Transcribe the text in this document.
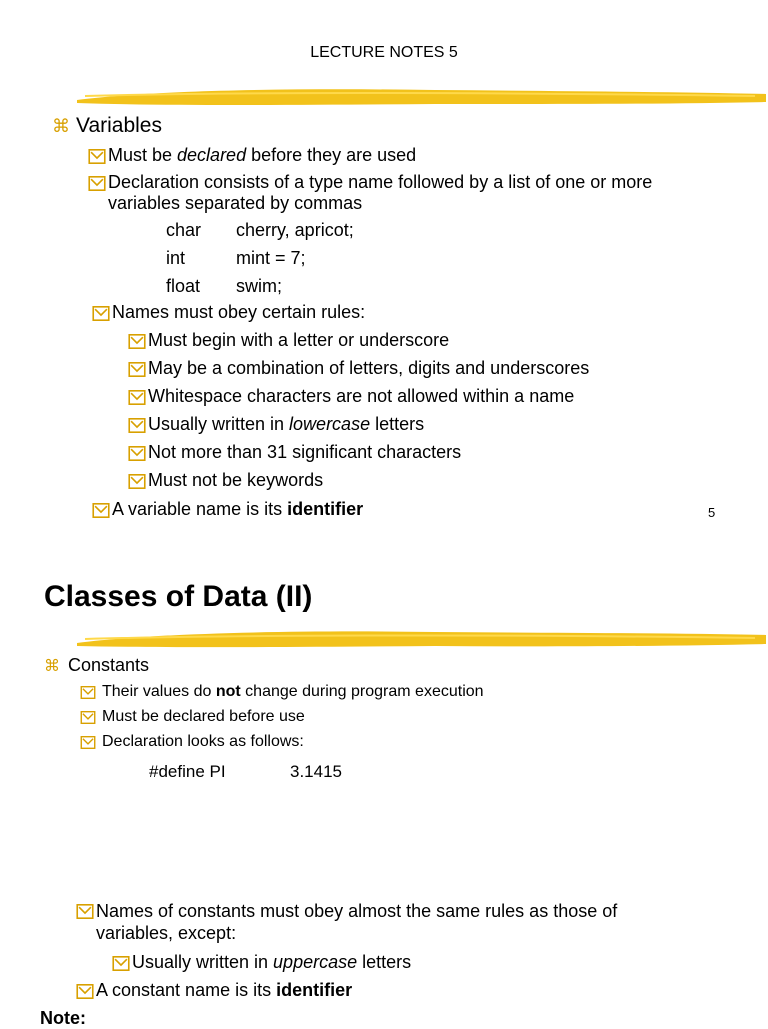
LECTURE NOTES 5
⌘ Variables
Must be declared before they are used
Declaration consists of a type name followed by a list of one or more
variables separated by commas
char cherry, apricot;
int	mint = 7;
float swim;
Names must obey certain rules:
Must begin with a letter or underscore
May be a combination of letters, digits and underscores
Whitespace characters are not allowed within a name
Usually written in lowercase letters
Not more than 31 significant characters
Must not be keywords
A variable name is its identifier	5
Classes of Data (II)
⌘ Constants
Their values do not change during program execution
Must be declared before use
Declaration looks as follows:
#define PI	3.1415
Names of constants must obey almost the same rules as those of
variables, except:
Usually written in uppercase letters
A constant name is its identifier
Note:
